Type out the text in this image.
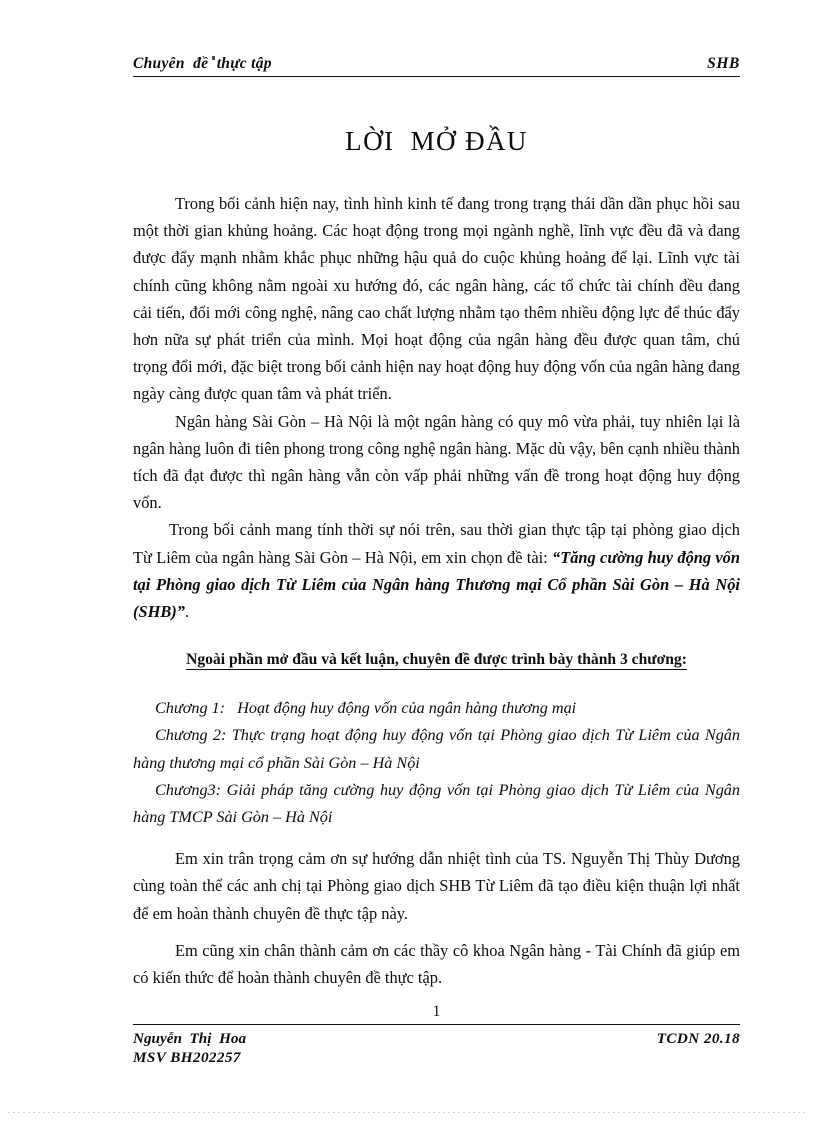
Chuyên  đề  thực tập	SHB
LỜI  MỞ ĐẦU

Trong bối cảnh hiện nay, tình hình kinh tế đang trong trạng thái dần dần phục hồi sau một thời gian khủng hoảng. Các hoạt động trong mọi ngành nghề, lĩnh vực đều đã và đang được đẩy mạnh nhằm khắc phục những hậu quả do cuộc khủng hoảng để lại. Lĩnh vực tài chính cũng không nằm ngoài xu hướng đó, các ngân hàng, các tổ chức tài chính đều đang cải tiến, đổi mới công nghệ, nâng cao chất lượng nhằm tạo thêm nhiều động lực để thúc đẩy hơn nữa sự phát triển của mình. Mọi hoạt động của ngân hàng đều được quan tâm, chú trọng đổi mới, đặc biệt trong bối cảnh hiện nay hoạt động huy động vốn của ngân hàng đang ngày càng được quan tâm và phát triển.

Ngân hàng Sài Gòn – Hà Nội là một ngân hàng có quy mô vừa phải, tuy nhiên lại là ngân hàng luôn đi tiên phong trong công nghệ ngân hàng. Mặc dù vậy, bên cạnh nhiều thành tích đã đạt được thì ngân hàng vẫn còn vấp phải những vấn đề trong hoạt động huy động vốn.

Trong bối cảnh mang tính thời sự nói trên, sau thời gian thực tập tại phòng giao dịch Từ Liêm của ngân hàng Sài Gòn – Hà Nội, em xin chọn đề tài: “Tăng cường huy động vốn tại Phòng giao dịch Từ Liêm của Ngân hàng Thương mại Cổ phần Sài Gòn – Hà Nội (SHB)”.

Ngoài phần mở đầu và kết luận, chuyên đề được trình bày thành 3 chương:

Chương 1:   Hoạt động huy động vốn của ngân hàng thương mại

Chương 2: Thực trạng hoạt động huy động vốn tại Phòng giao dịch Từ Liêm của Ngân hàng thương mại cổ phần Sài Gòn – Hà Nội

Chương3: Giải pháp tăng cường huy động vốn tại Phòng giao dịch Từ Liêm của Ngân hàng TMCP Sài Gòn – Hà Nội

Em xin trân trọng cảm ơn sự hướng dẫn nhiệt tình của TS. Nguyễn Thị Thùy Dương cùng toàn thể các anh chị tại Phòng giao dịch SHB Từ Liêm đã tạo điều kiện thuận lợi nhất để em hoàn thành chuyên đề thực tập này.

Em cũng xin chân thành cảm ơn các thầy cô khoa Ngân hàng - Tài Chính đã giúp em có kiến thức để hoàn thành chuyên đề thực tập.

1
Nguyễn  Thị  Hoa	TCDN 20.18
MSV BH202257
